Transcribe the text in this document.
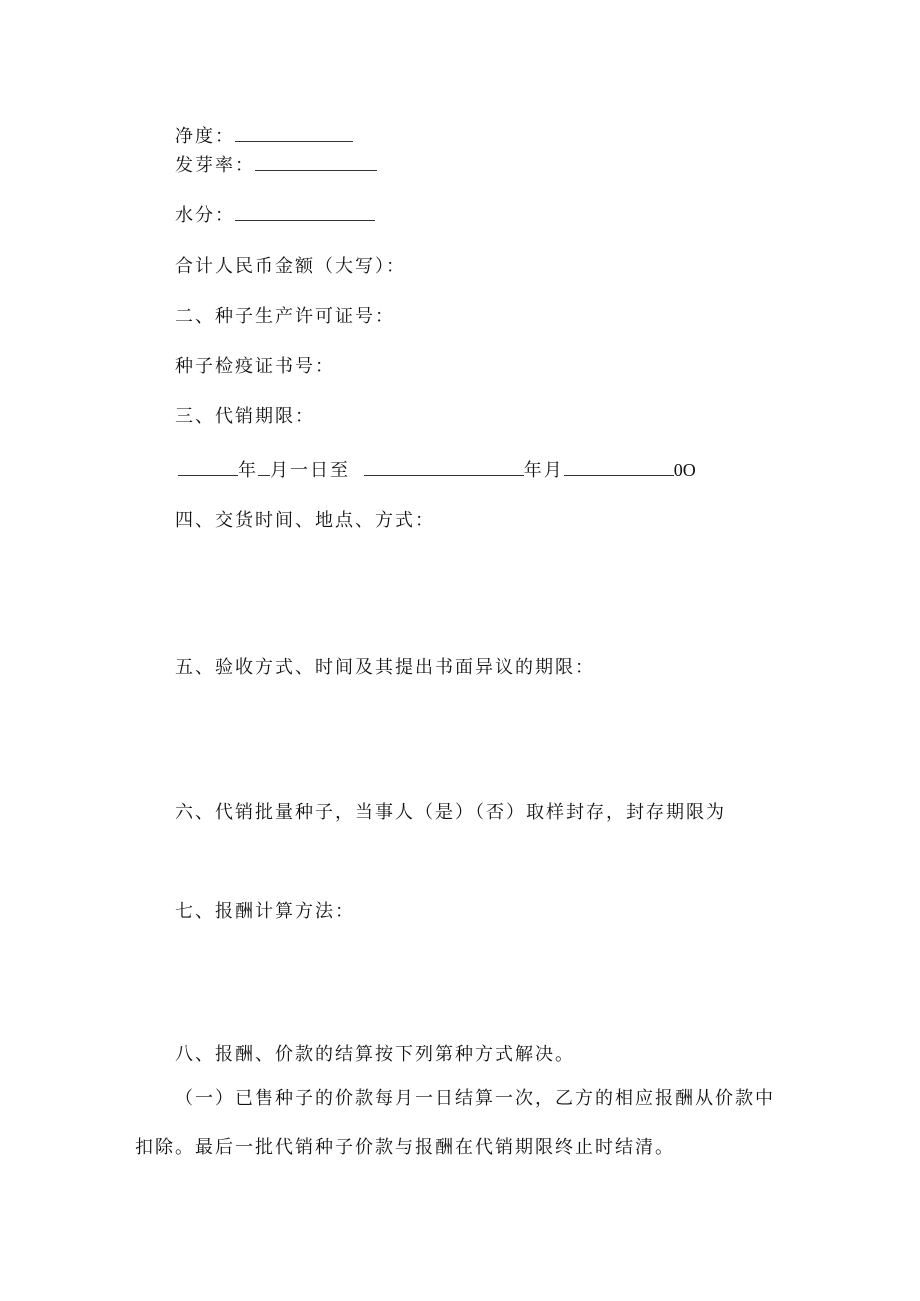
净度：
发芽率：
水分：
合计人民币金额（大写）：
二、种子生产许可证号：
种子检疫证书号：
三、代销期限：
年 月一日至	年月	0O
四、交货时间、地点、方式：
五、验收方式、时间及其提出书面异议的期限：
六、代销批量种子，当事人（是）（否）取样封存，封存期限为
七、报酬计算方法：
八、报酬、价款的结算按下列第种方式解决。
（一）已售种子的价款每月一日结算一次，乙方的相应报酬从价款中
扣除。最后一批代销种子价款与报酬在代销期限终止时结清。
